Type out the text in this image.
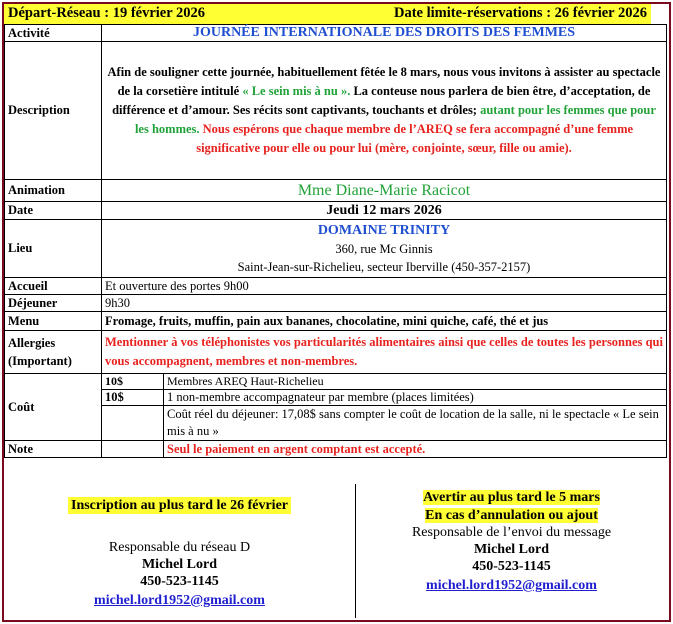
Départ-Réseau : 19 février 2026	Date limite-réservations : 26 février 2026
Activité	JOURNÉE INTERNATIONALE DES DROITS DES FEMMES	
Description	Afin de souligner cette journée, habituellement fêtée le 8 mars, nous vous invitons à assister au spectacle de la corsetière intitulé « Le sein mis à nu ». La conteuse nous parlera de bien être, d’acceptation, de différence et d’amour. Ses récits sont captivants, touchants et drôles; autant pour les femmes que pour les hommes. Nous espérons que chaque membre de l’AREQ se fera accompagné d’une femme significative pour elle ou pour lui (mère, conjointe, sœur, fille ou amie).	
Animation	Mme Diane-Marie Racicot	
Date	Jeudi 12 mars 2026	
Lieu	DOMAINE TRINITY
360, rue Mc Ginnis
Saint-Jean-sur-Richelieu, secteur Iberville (450-357-2157)	

Accueil	Et ouverture des portes 9h00	
Déjeuner	9h30	
Menu	Fromage, fruits, muffin, pain aux bananes, chocolatine, mini quiche, café, thé et jus	

Allergies
(Important)	Mentionner à vos téléphonistes vos particularités alimentaires ainsi que celles de toutes les personnes qui vous accompagnent, membres et non-membres.	
Coût	10$	Membres AREQ Haut-Richelieu
	10$	1 non-membre accompagnateur par membre (places limitées)
		Coût réel du déjeuner: 17,08$ sans compter le coût de location de la salle, ni le spectacle « Le sein mis à nu »
Note		Seul le paiement en argent comptant est accepté.
Inscription au plus tard le 26 février
Responsable du réseau D
Michel Lord
450-523-1145
michel.lord1952@gmail.com
Avertir au plus tard le 5 mars
En cas d’annulation ou ajout
Responsable de l’envoi du message
Michel Lord
450-523-1145
michel.lord1952@gmail.com
